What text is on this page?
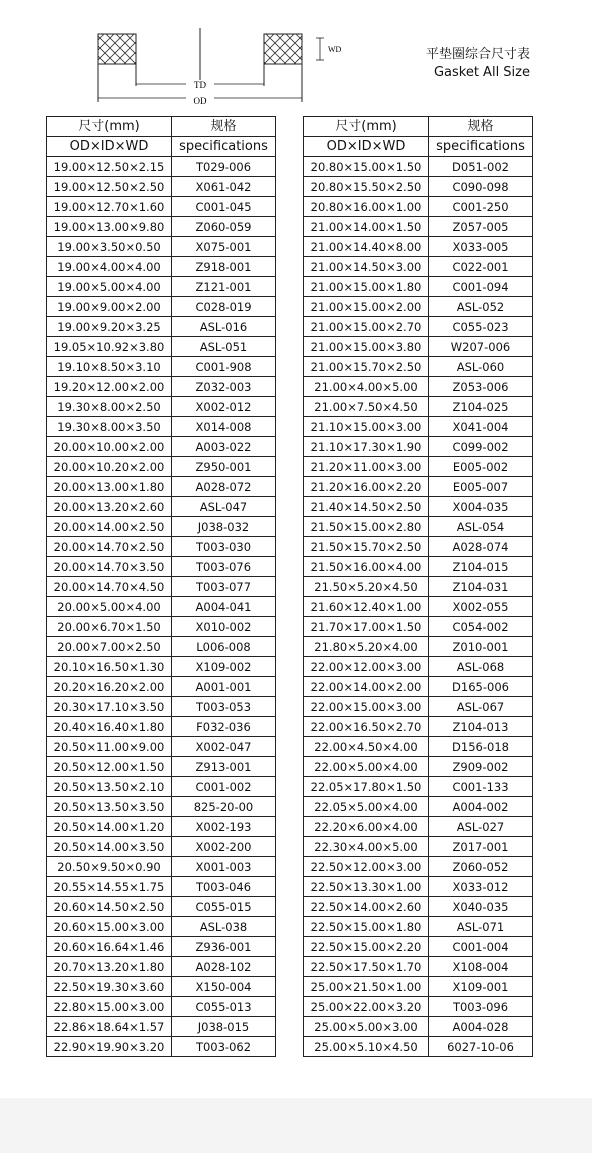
TD
OD
WD	平垫圈综合尺寸表
Gasket All Size
尺寸(mm)	规格
OD×ID×WD	specifications
19.00×12.50×2.15	T029-006
19.00×12.50×2.50	X061-042
19.00×12.70×1.60	C001-045
19.00×13.00×9.80	Z060-059
19.00×3.50×0.50	X075-001
19.00×4.00×4.00	Z918-001
19.00×5.00×4.00	Z121-001
19.00×9.00×2.00	C028-019
19.00×9.20×3.25	ASL-016
19.05×10.92×3.80	ASL-051
19.10×8.50×3.10	C001-908
19.20×12.00×2.00	Z032-003
19.30×8.00×2.50	X002-012
19.30×8.00×3.50	X014-008
20.00×10.00×2.00	A003-022
20.00×10.20×2.00	Z950-001
20.00×13.00×1.80	A028-072
20.00×13.20×2.60	ASL-047
20.00×14.00×2.50	J038-032
20.00×14.70×2.50	T003-030
20.00×14.70×3.50	T003-076
20.00×14.70×4.50	T003-077
20.00×5.00×4.00	A004-041
20.00×6.70×1.50	X010-002
20.00×7.00×2.50	L006-008
20.10×16.50×1.30	X109-002
20.20×16.20×2.00	A001-001
20.30×17.10×3.50	T003-053
20.40×16.40×1.80	F032-036
20.50×11.00×9.00	X002-047
20.50×12.00×1.50	Z913-001
20.50×13.50×2.10	C001-002
20.50×13.50×3.50	825-20-00
20.50×14.00×1.20	X002-193
20.50×14.00×3.50	X002-200
20.50×9.50×0.90	X001-003
20.55×14.55×1.75	T003-046
20.60×14.50×2.50	C055-015
20.60×15.00×3.00	ASL-038
20.60×16.64×1.46	Z936-001
20.70×13.20×1.80	A028-102
22.50×19.30×3.60	X150-004
22.80×15.00×3.00	C055-013
22.86×18.64×1.57	J038-015
22.90×19.90×3.20	T003-062
尺寸(mm)	规格
OD×ID×WD	specifications
20.80×15.00×1.50	D051-002
20.80×15.50×2.50	C090-098
20.80×16.00×1.00	C001-250
21.00×14.00×1.50	Z057-005
21.00×14.40×8.00	X033-005
21.00×14.50×3.00	C022-001
21.00×15.00×1.80	C001-094
21.00×15.00×2.00	ASL-052
21.00×15.00×2.70	C055-023
21.00×15.00×3.80	W207-006
21.00×15.70×2.50	ASL-060
21.00×4.00×5.00	Z053-006
21.00×7.50×4.50	Z104-025
21.10×15.00×3.00	X041-004
21.10×17.30×1.90	C099-002
21.20×11.00×3.00	E005-002
21.20×16.00×2.20	E005-007
21.40×14.50×2.50	X004-035
21.50×15.00×2.80	ASL-054
21.50×15.70×2.50	A028-074
21.50×16.00×4.00	Z104-015
21.50×5.20×4.50	Z104-031
21.60×12.40×1.00	X002-055
21.70×17.00×1.50	C054-002
21.80×5.20×4.00	Z010-001
22.00×12.00×3.00	ASL-068
22.00×14.00×2.00	D165-006
22.00×15.00×3.00	ASL-067
22.00×16.50×2.70	Z104-013
22.00×4.50×4.00	D156-018
22.00×5.00×4.00	Z909-002
22.05×17.80×1.50	C001-133
22.05×5.00×4.00	A004-002
22.20×6.00×4.00	ASL-027
22.30×4.00×5.00	Z017-001
22.50×12.00×3.00	Z060-052
22.50×13.30×1.00	X033-012
22.50×14.00×2.60	X040-035
22.50×15.00×1.80	ASL-071
22.50×15.00×2.20	C001-004
22.50×17.50×1.70	X108-004
25.00×21.50×1.00	X109-001
25.00×22.00×3.20	T003-096
25.00×5.00×3.00	A004-028
25.00×5.10×4.50	6027-10-06
